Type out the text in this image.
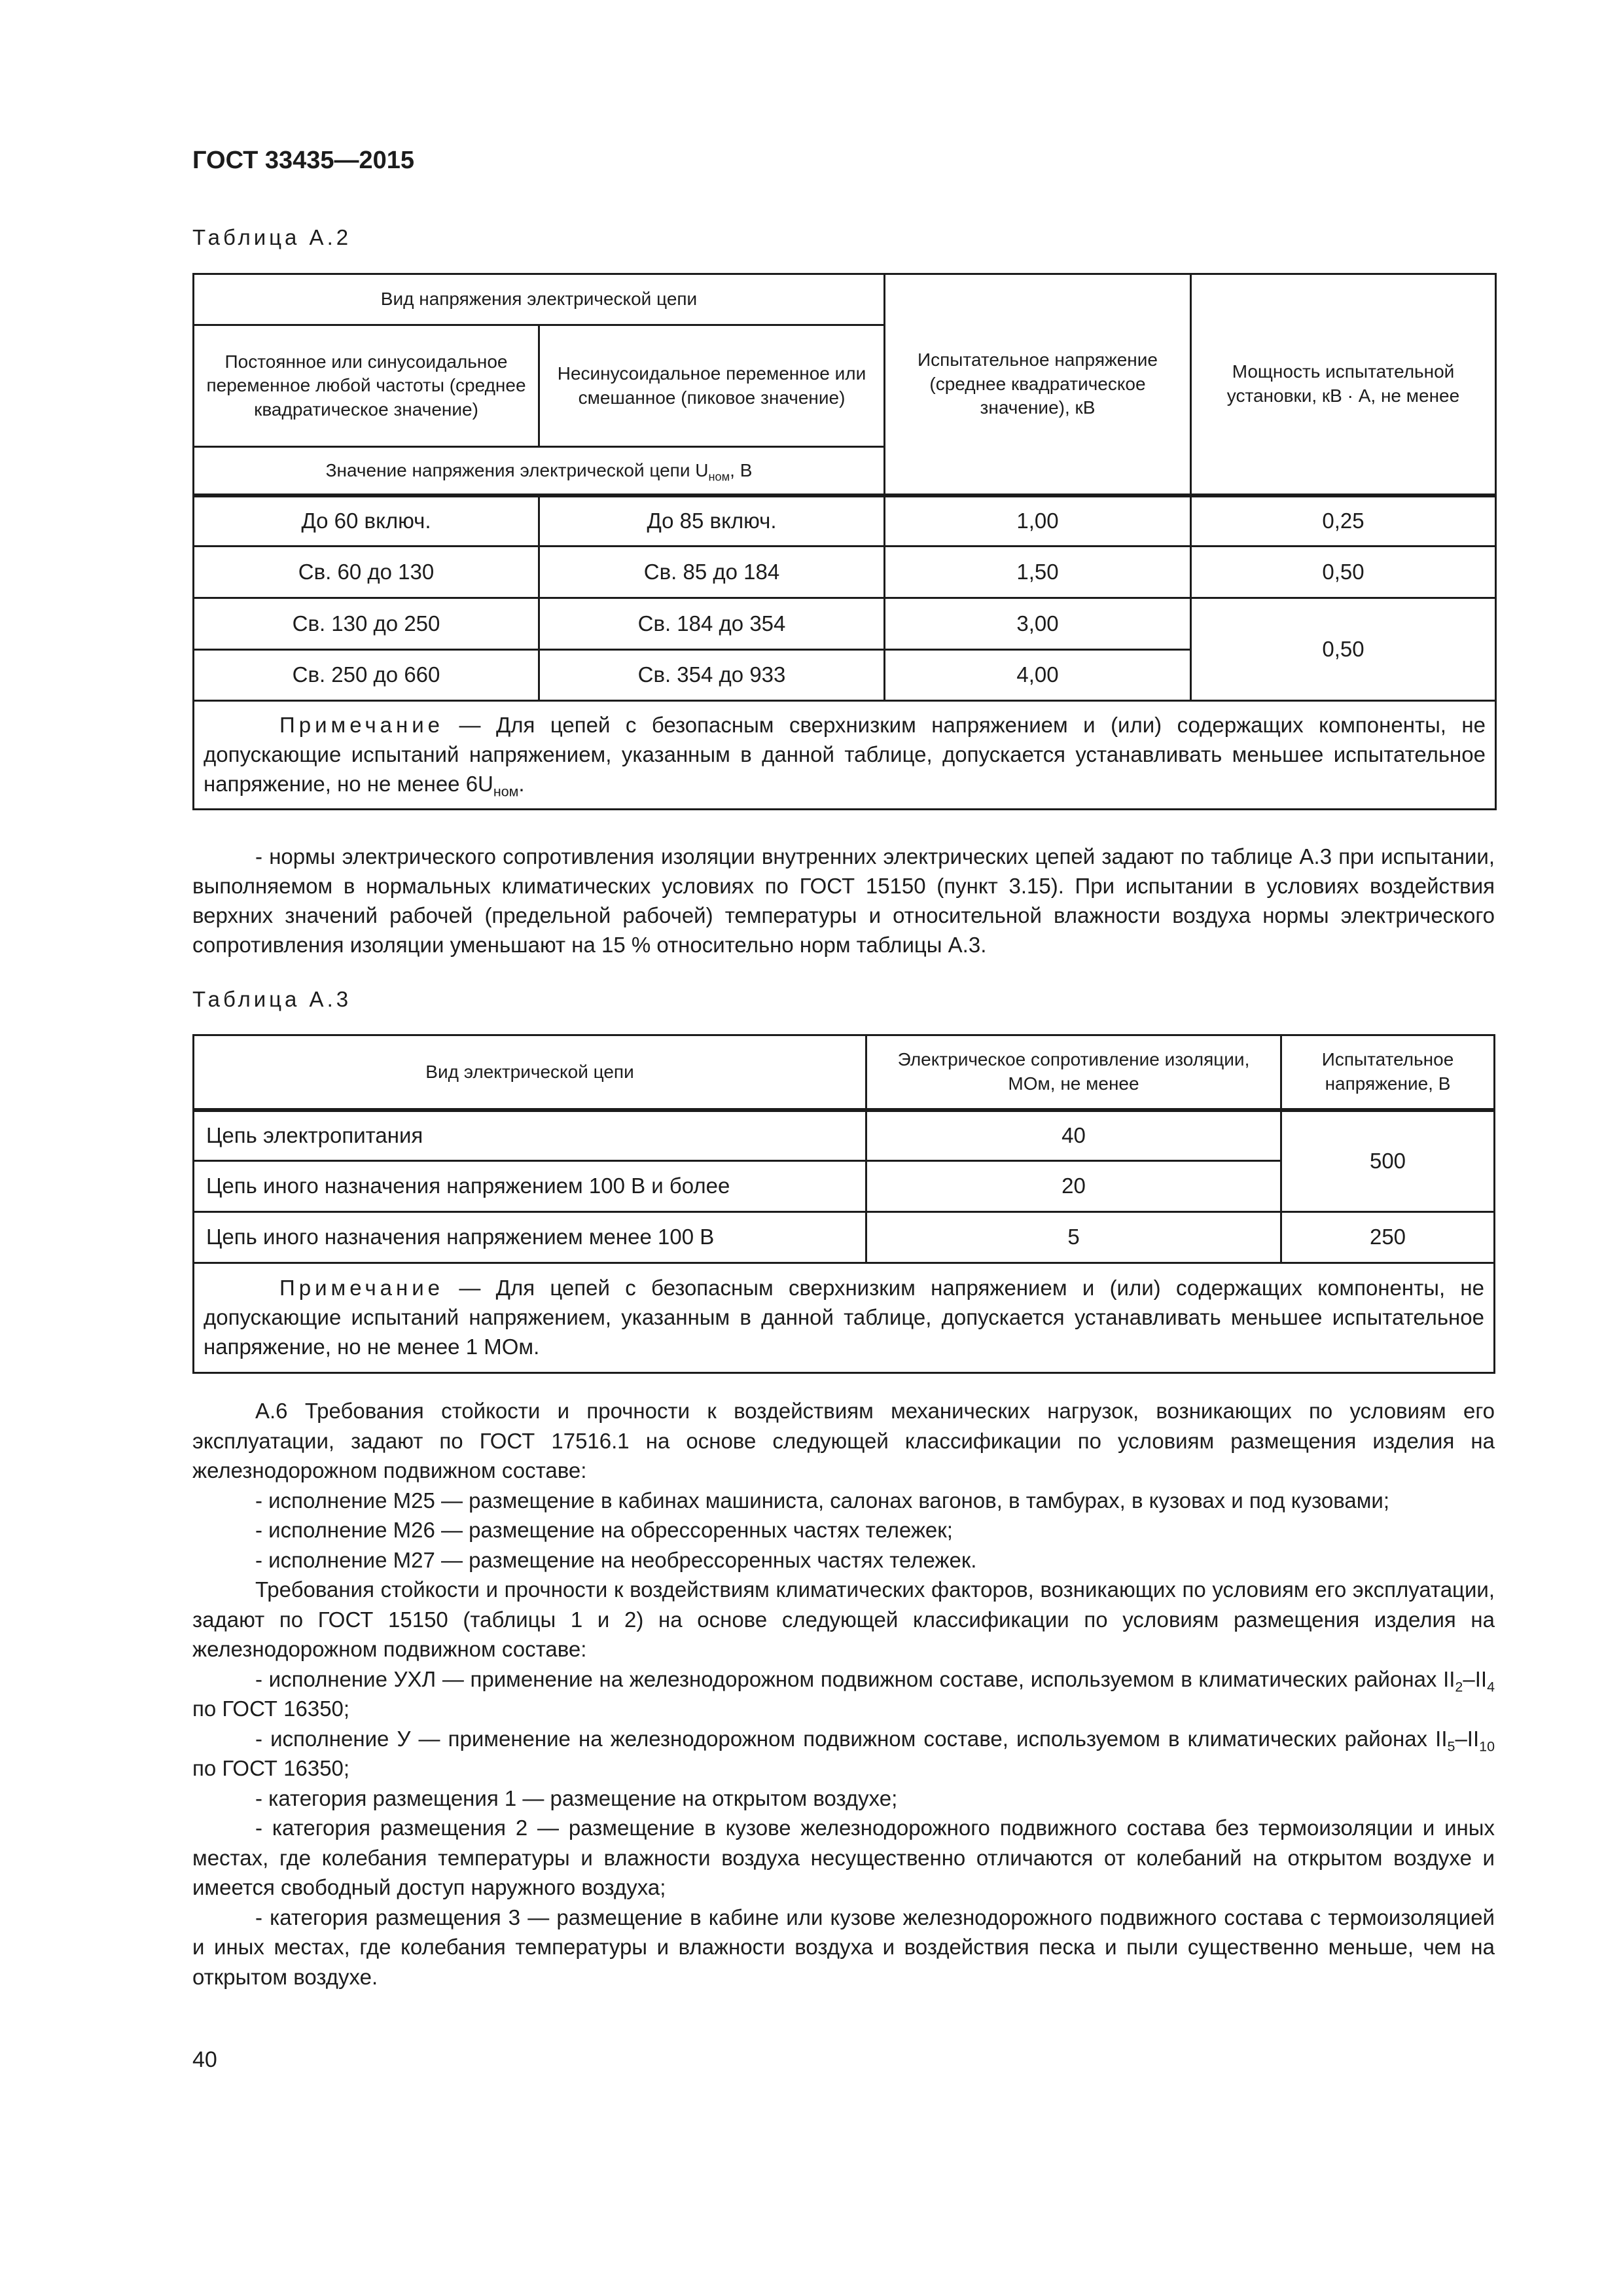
ГОСТ 33435—2015
Таблица А.2
Вид напряжения электрической цепи		Испытательное напряжение (среднее квадратическое значение), кВ	Мощность испытательной установки, кВ · А, не менее
Постоянное или синусоидальное переменное любой частоты (среднее квадратическое значение)	Несинусоидальное переменное или смешанное (пиковое значение)		
Значение напряжения электрической цепи $U_{ном}$, В			
До 60 включ.	До 85 включ.	1,00	0,25
Св. 60 до 130	Св. 85 до 184	1,50	0,50
Св. 130 до 250	Св. 184 до 354	3,00	0,50
Св. 250 до 660	Св. 354 до 933	4,00	
Примечание — Для цепей с безопасным сверхнизким напряжением и (или) содержащих компоненты, не допускающие испытаний напряжением, указанным в данной таблице, допускается устанавливать меньшее испытательное напряжение, но не менее $6U_{ном}$.			

- нормы электрического сопротивления изоляции внутренних электрических цепей задают по таблице А.3 при испытании, выполняемом в нормальных климатических условиях по ГОСТ 15150 (пункт 3.15). При испытании в условиях воздействия верхних значений рабочей (предельной рабочей) температуры и относительной влажности воздуха нормы электрического сопротивления изоляции уменьшают на 15 % относительно норм таблицы А.3.

Таблица А.3
Вид электрической цепи	Электрическое сопротивление изоляции, МОм, не менее	Испытательное напряжение, В
Цепь электропитания	40	500
Цепь иного назначения напряжением 100 В и более	20	
Цепь иного назначения напряжением менее 100 В	5	250
Примечание — Для цепей с безопасным сверхнизким напряжением и (или) содержащих компоненты, не допускающие испытаний напряжением, указанным в данной таблице, допускается устанавливать меньшее испытательное напряжение, но не менее 1 МОм.		

А.6 Требования стойкости и прочности к воздействиям механических нагрузок, возникающих по условиям его эксплуатации, задают по ГОСТ 17516.1 на основе следующей классификации по условиям размещения изделия на железнодорожном подвижном составе:

- исполнение М25 — размещение в кабинах машиниста, салонах вагонов, в тамбурах, в кузовах и под кузовами;

- исполнение М26 — размещение на обрессоренных частях тележек;

- исполнение М27 — размещение на необрессоренных частях тележек.

Требования стойкости и прочности к воздействиям климатических факторов, возникающих по условиям его эксплуатации, задают по ГОСТ 15150 (таблицы 1 и 2) на основе следующей классификации по условиям размещения изделия на железнодорожном подвижном составе:

- исполнение УХЛ — применение на железнодорожном подвижном составе, используемом в климатических районах $II_2-II_4$ по ГОСТ 16350;

- исполнение У — применение на железнодорожном подвижном составе, используемом в климатических районах $II_5-II_{10}$ по ГОСТ 16350;

- категория размещения 1 — размещение на открытом воздухе;

- категория размещения 2 — размещение в кузове железнодорожного подвижного состава без термоизоляции и иных местах, где колебания температуры и влажности воздуха несущественно отличаются от колебаний на открытом воздухе и имеется свободный доступ наружного воздуха;

- категория размещения 3 — размещение в кабине или кузове железнодорожного подвижного состава с термоизоляцией и иных местах, где колебания температуры и влажности воздуха и воздействия песка и пыли существенно меньше, чем на открытом воздухе.

40
